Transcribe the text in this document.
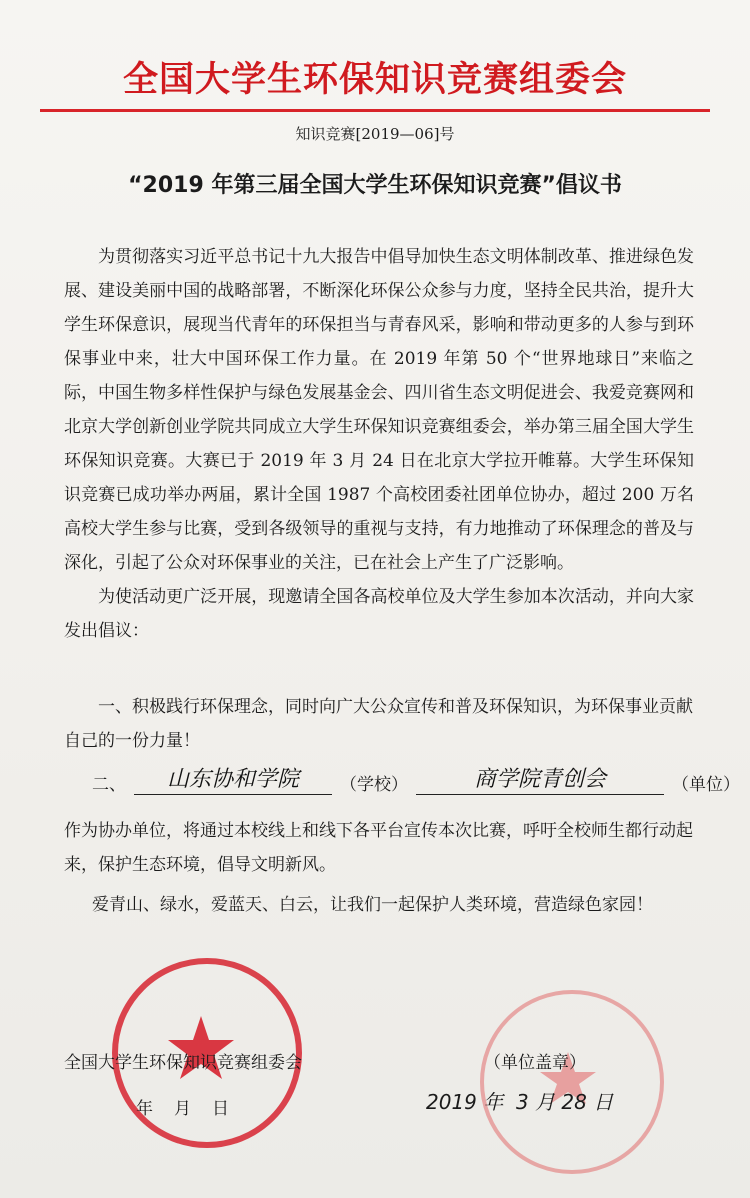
全国大学生环保知识竞赛组委会
知识竞赛[2019—06]号
“2019 年第三届全国大学生环保知识竞赛”倡议书

为贯彻落实习近平总书记十九大报告中倡导加快生态文明体制改革、推进绿色发展、建设美丽中国的战略部署，不断深化环保公众参与力度，坚持全民共治，提升大学生环保意识，展现当代青年的环保担当与青春风采，影响和带动更多的人参与到环保事业中来，壮大中国环保工作力量。在 2019 年第 50 个“世界地球日”来临之际，中国生物多样性保护与绿色发展基金会、四川省生态文明促进会、我爱竞赛网和北京大学创新创业学院共同成立大学生环保知识竞赛组委会，举办第三届全国大学生环保知识竞赛。大赛已于 2019 年 3 月 24 日在北京大学拉开帷幕。大学生环保知识竞赛已成功举办两届，累计全国 1987 个高校团委社团单位协办，超过 200 万名高校大学生参与比赛，受到各级领导的重视与支持，有力地推动了环保理念的普及与深化，引起了公众对环保事业的关注，已在社会上产生了广泛影响。

为使活动更广泛开展，现邀请全国各高校单位及大学生参加本次活动，并向大家发出倡议：

一、积极践行环保理念，同时向广大公众宣传和普及环保知识，为环保事业贡献自己的一份力量！
二、	山东协和学院	（学校）	商学院青创会	（单位）
作为协办单位，将通过本校线上和线下各平台宣传本次比赛，呼吁全校师生都行动起来，保护生态环境，倡导文明新风。
爱青山、绿水，爱蓝天、白云，让我们一起保护人类环境，营造绿色家园！
全国大学生环保知识竞赛组委会	（单位盖章）
年　月　日	2019 年  3 月 28 日
